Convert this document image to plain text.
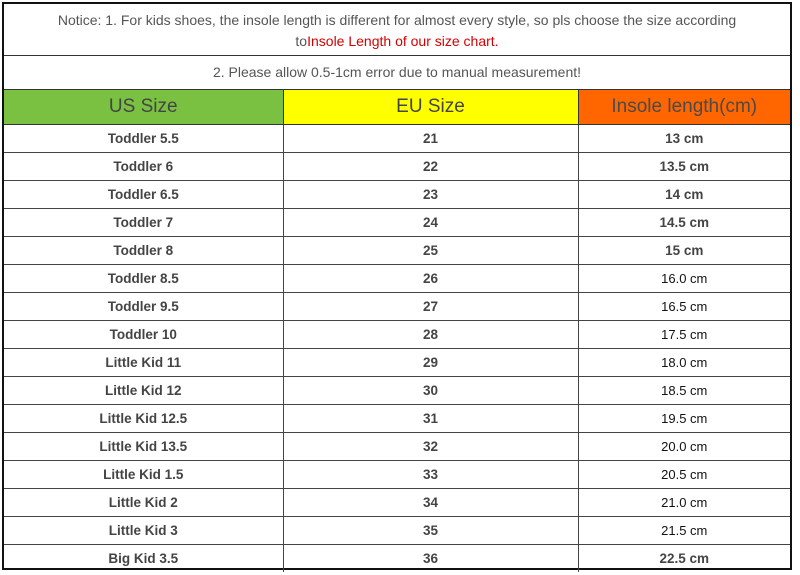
Notice: 1. For kids shoes, the insole length is different for almost every style, so pls choose the size according
toInsole Length of our size chart.
2. Please allow 0.5-1cm error due to manual measurement!
US Size	EU Size	Insole length(cm)
Toddler 5.5	21	13 cm
Toddler 6	22	13.5 cm
Toddler 6.5	23	14 cm
Toddler 7	24	14.5 cm
Toddler 8	25	15 cm
Toddler 8.5	26	16.0 cm
Toddler 9.5	27	16.5 cm
Toddler 10	28	17.5 cm
Little Kid 11	29	18.0 cm
Little Kid 12	30	18.5 cm
Little Kid 12.5	31	19.5 cm
Little Kid 13.5	32	20.0 cm
Little Kid 1.5	33	20.5 cm
Little Kid 2	34	21.0 cm
Little Kid 3	35	21.5 cm
Big Kid 3.5	36	22.5 cm
